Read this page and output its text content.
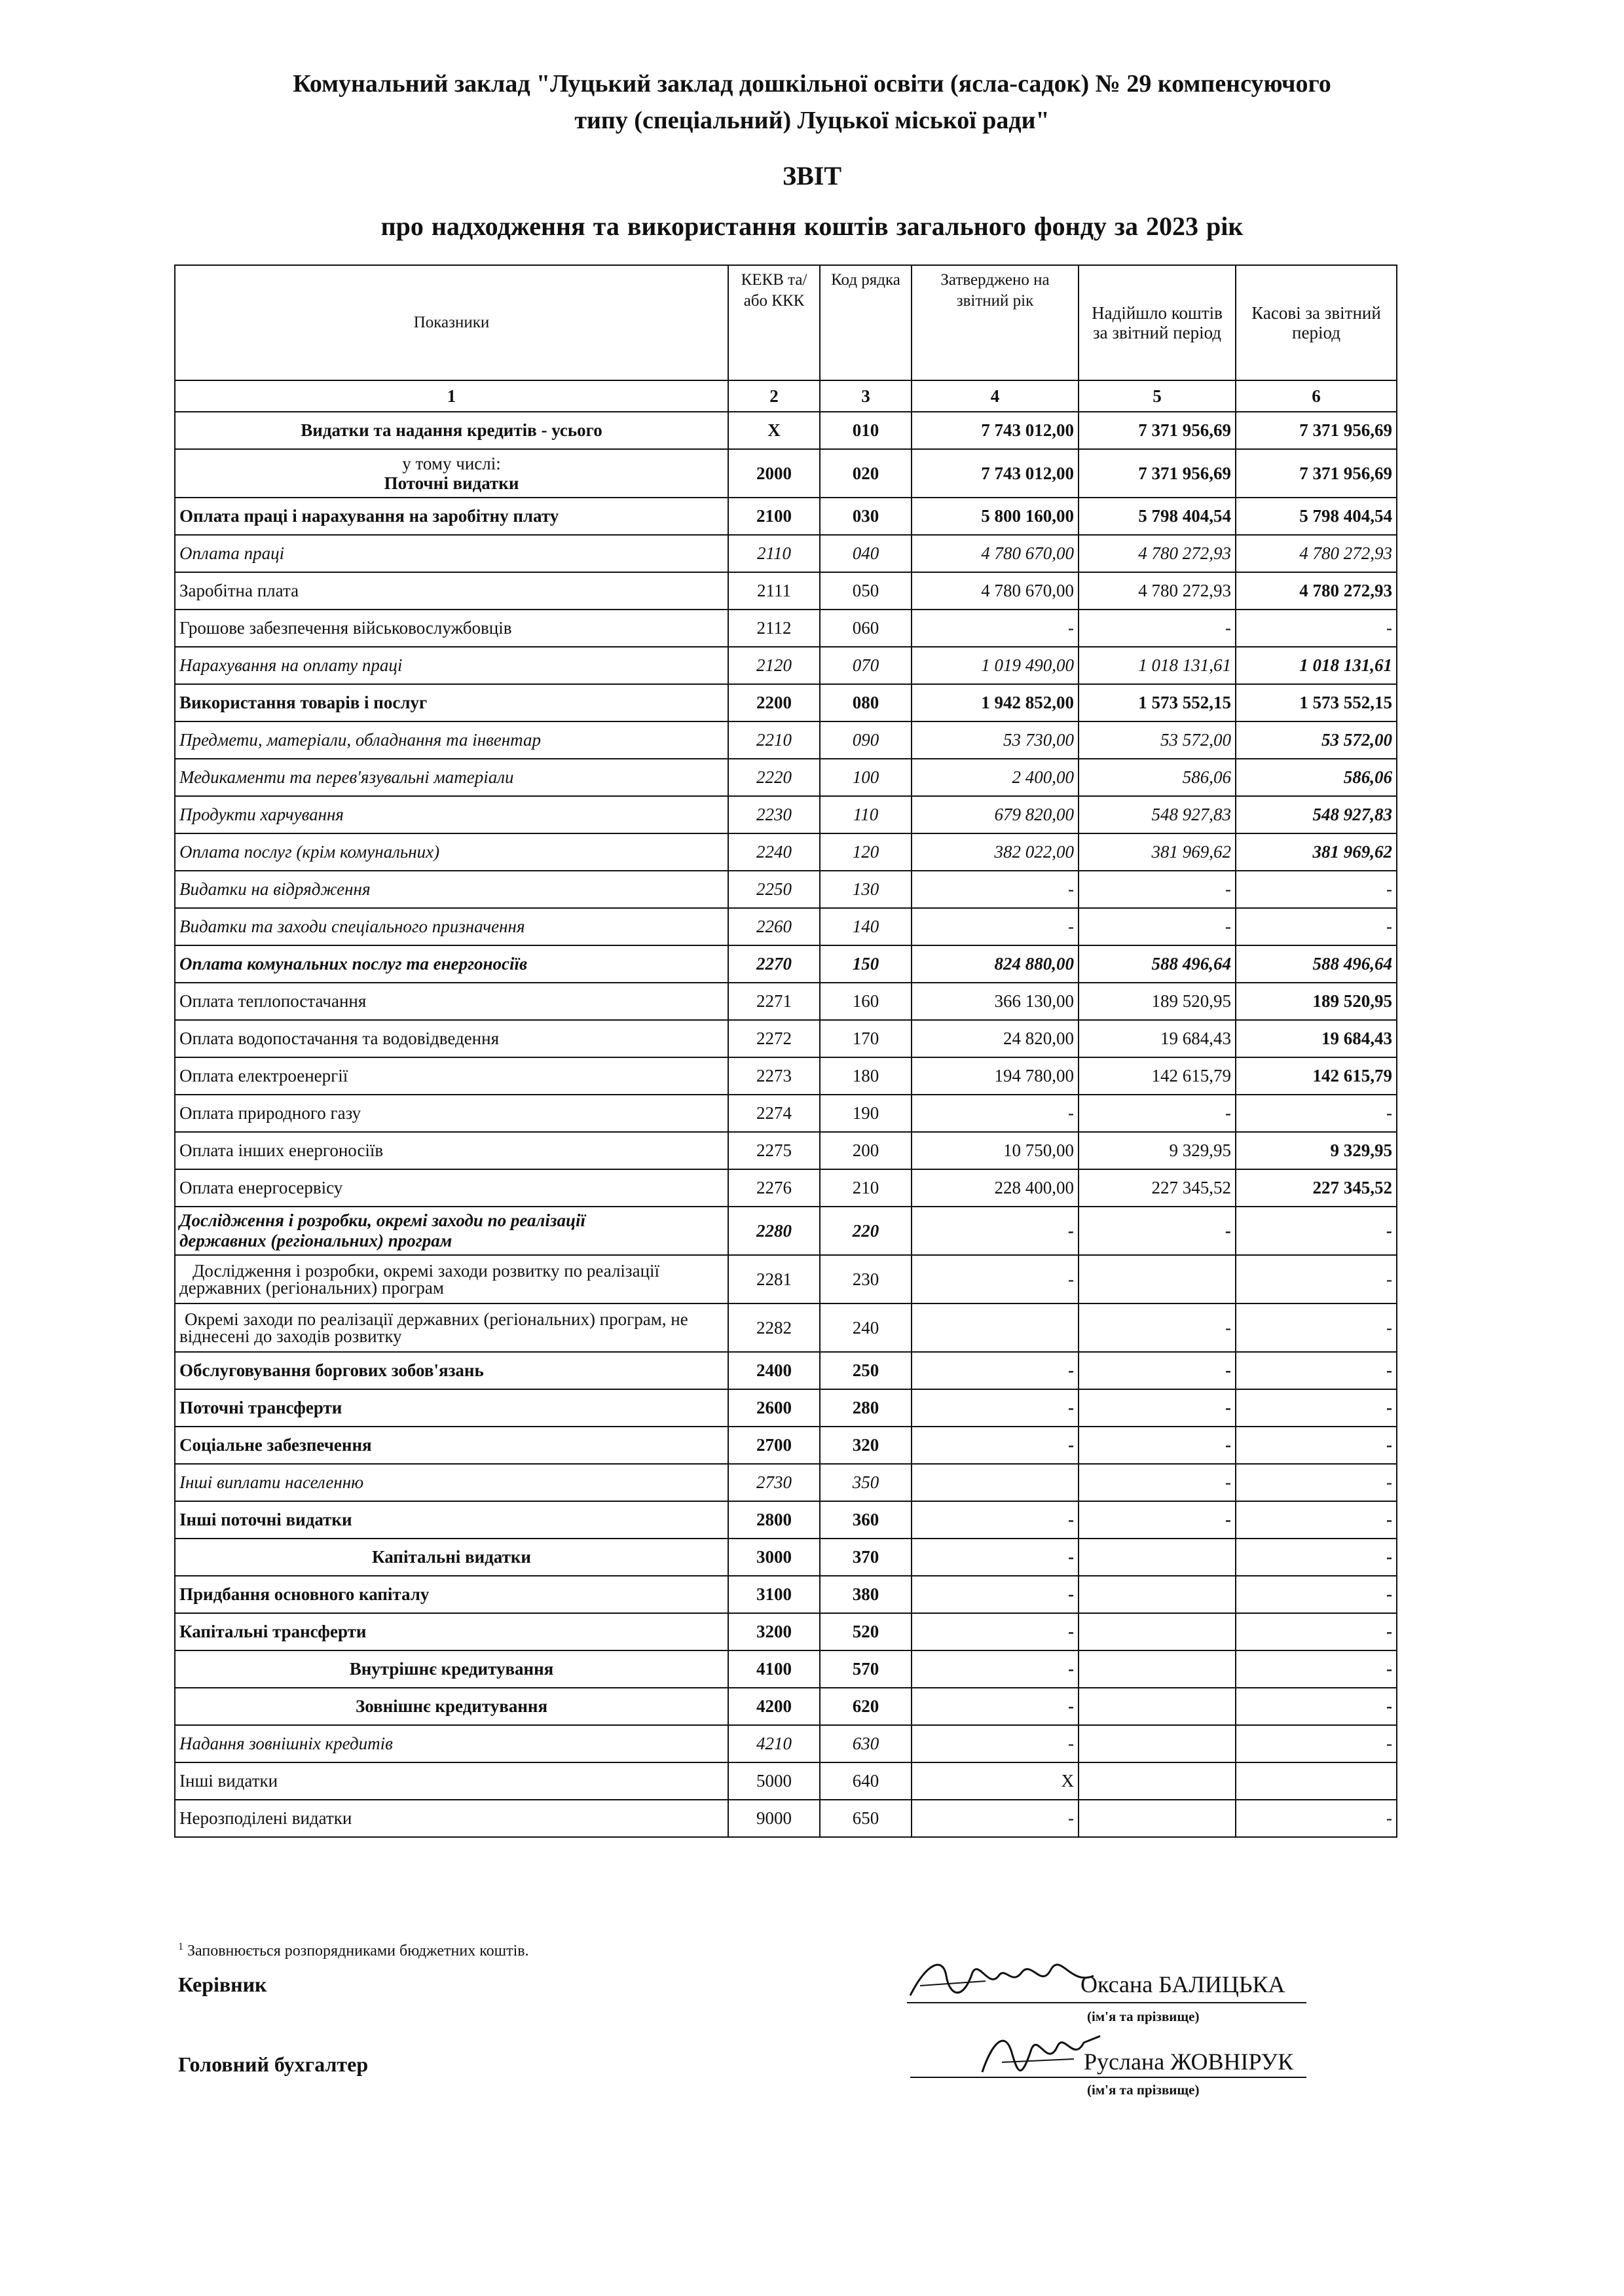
Комунальний заклад "Луцький заклад дошкільної освіти (ясла-садок) № 29 компенсуючого
типу (спеціальний) Луцької міської ради"
ЗВІТ
про надходження та використання коштів загального фонду за 2023 рік
Показники	КЕКВ та/або ККК	Код рядка	Затверджено на звітний рік	Надійшло коштів за звітний період	Касові за звітний період
1	2	3	4	5	6
Видатки та надання кредитів - усього	X	010	7 743 012,00	7 371 956,69	7 371 956,69

у тому числі:
Поточні видатки	2000	020	7 743 012,00	7 371 956,69	7 371 956,69
Оплата праці і нарахування на заробітну плату	2100	030	5 800 160,00	5 798 404,54	5 798 404,54
Оплата праці	2110	040	4 780 670,00	4 780 272,93	4 780 272,93
Заробітна плата	2111	050	4 780 670,00	4 780 272,93	4 780 272,93
Грошове забезпечення військовослужбовців	2112	060	-	-	-
Нарахування на оплату праці	2120	070	1 019 490,00	1 018 131,61	1 018 131,61
Використання товарів і послуг	2200	080	1 942 852,00	1 573 552,15	1 573 552,15
Предмети, матеріали, обладнання та інвентар	2210	090	53 730,00	53 572,00	53 572,00
Медикаменти та перев'язувальні матеріали	2220	100	2 400,00	586,06	586,06
Продукти харчування	2230	110	679 820,00	548 927,83	548 927,83
Оплата послуг (крім комунальних)	2240	120	382 022,00	381 969,62	381 969,62
Видатки на відрядження	2250	130	-	-	-
Видатки та заходи спеціального призначення	2260	140	-	-	-
Оплата комунальних послуг та енергоносіїв	2270	150	824 880,00	588 496,64	588 496,64
Оплата теплопостачання	2271	160	366 130,00	189 520,95	189 520,95
Оплата водопостачання та водовідведення	2272	170	24 820,00	19 684,43	19 684,43
Оплата електроенергії	2273	180	194 780,00	142 615,79	142 615,79
Оплата природного газу	2274	190	-	-	-
Оплата інших енергоносіїв	2275	200	10 750,00	9 329,95	9 329,95
Оплата енергосервісу	2276	210	228 400,00	227 345,52	227 345,52

Дослідження і розробки, окремі заходи по реалізації
державних (регіональних) програм	2280	220	-	-	-

Дослідження і розробки, окремі заходи розвитку по реалізації
державних (регіональних) програм	2281	230	-		-

Окремі заходи по реалізації державних (регіональних) програм, не
віднесені до заходів розвитку	2282	240		-	-
Обслуговування боргових зобов'язань	2400	250	-	-	-
Поточні трансферти	2600	280	-	-	-
Соціальне забезпечення	2700	320	-	-	-
Інші виплати населенню	2730	350		-	-
Інші поточні видатки	2800	360	-	-	-
Капітальні видатки	3000	370	-		-
Придбання основного капіталу	3100	380	-		-
Капітальні трансферти	3200	520	-		-
Внутрішнє кредитування	4100	570	-		-
Зовнішнє кредитування	4200	620	-		-
Надання зовнішніх кредитів	4210	630	-		-
Інші видатки	5000	640	X		
Нерозподілені видатки	9000	650	-		-
$^1$ Заповнюється розпорядниками бюджетних коштів.
Керівник	Оксана БАЛИЦЬКА
(ім'я та прізвище)
Головний бухгалтер	Руслана ЖОВНІРУК
(ім'я та прізвище)
